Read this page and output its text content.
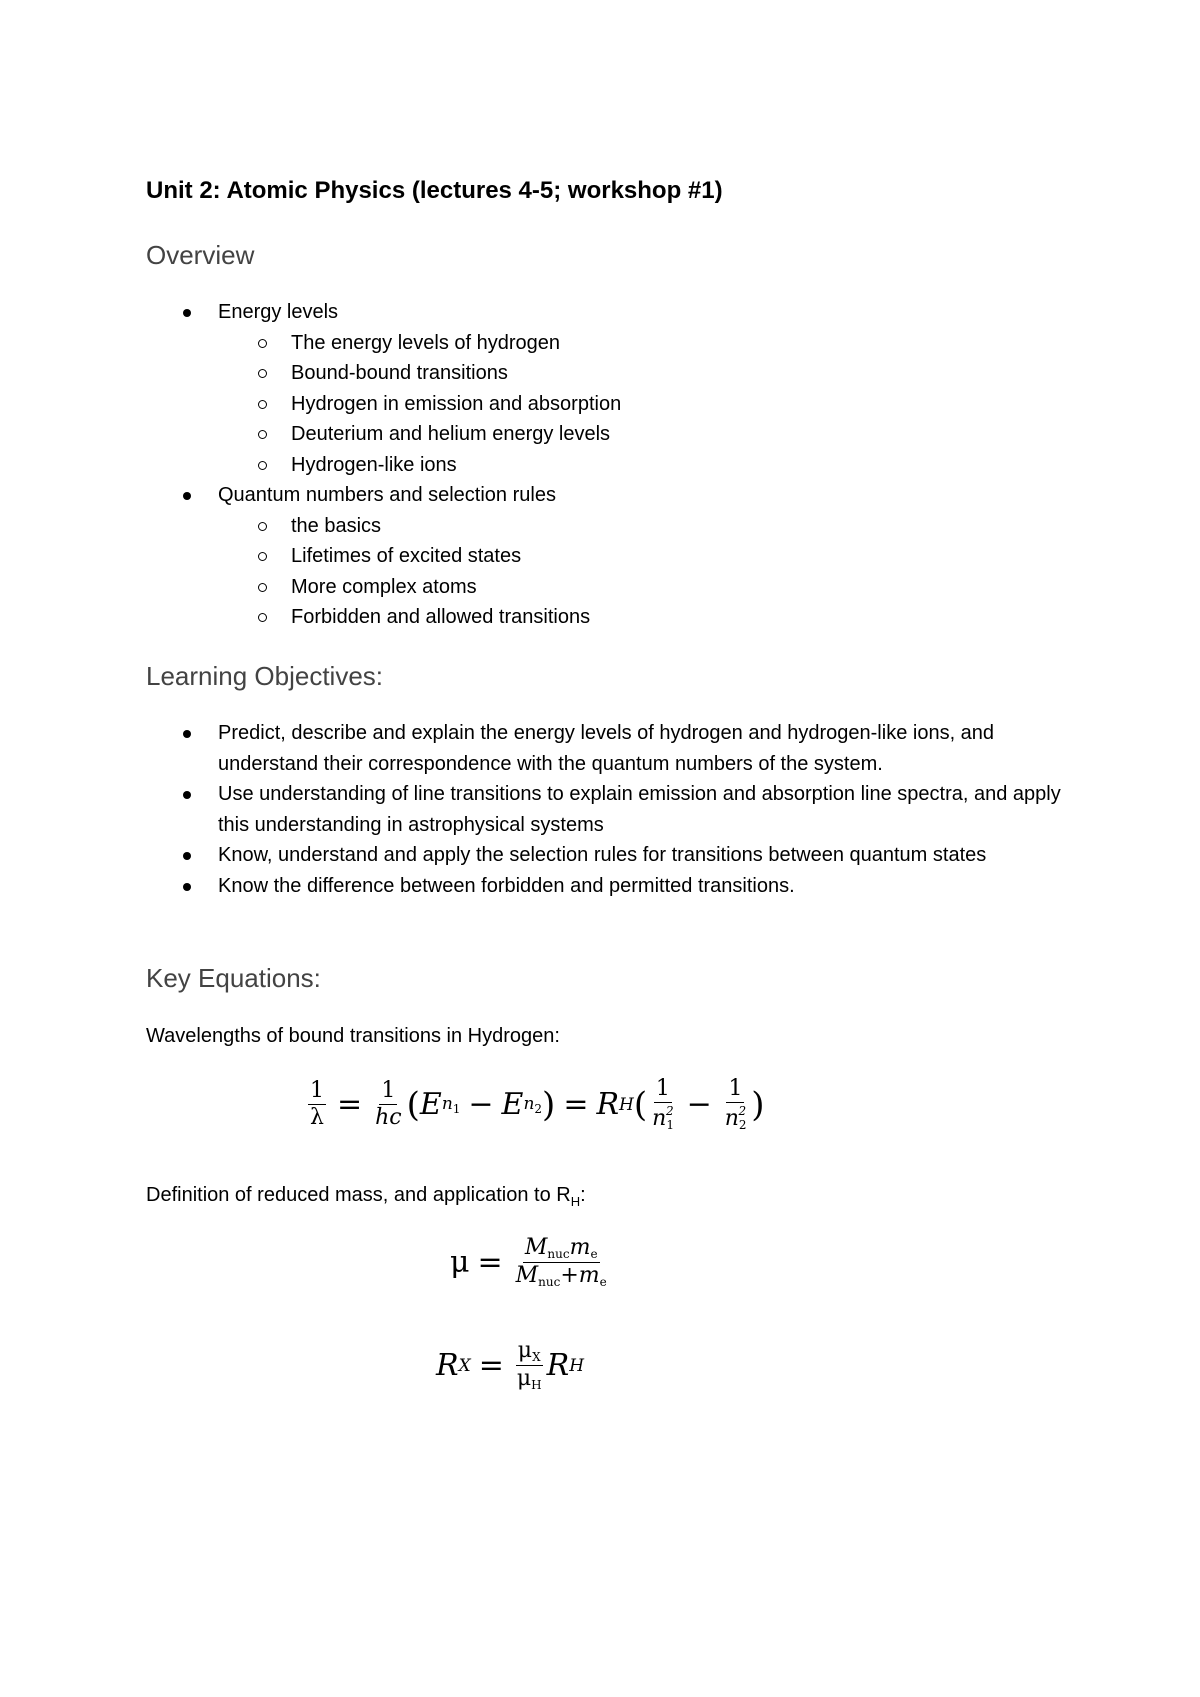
Unit 2: Atomic Physics (lectures 4-5; workshop #1)
Overview
Energy levels
The energy levels of hydrogen
Bound-bound transitions
Hydrogen in emission and absorption
Deuterium and helium energy levels
Hydrogen-like ions
Quantum numbers and selection rules
the basics
Lifetimes of excited states
More complex atoms
Forbidden and allowed transitions
Learning Objectives:
Predict, describe and explain the energy levels of hydrogen and hydrogen-like ions, and understand their correspondence with the quantum numbers of the system.
Use understanding of line transitions to explain emission and absorption line spectra, and apply this understanding in astrophysical systems
Know, understand and apply the selection rules for transitions between quantum states
Know the difference between forbidden and permitted transitions.
Key Equations:
Wavelengths of bound transitions in Hydrogen:
$\frac{1}{\lambda} = \frac{1}{hc}$ ( E $n_1 - E$ $n_2$ ) = R H ( $\frac{1}{n1^2} - \frac{1}{n2^2}$ )
Definition of reduced mass, and application to $R_H$:
$\mu = \frac{\text{Mnucme}}{\text{Mnuc+me}}$
R $X = \frac{\mu X}{\mu H}$ R H
